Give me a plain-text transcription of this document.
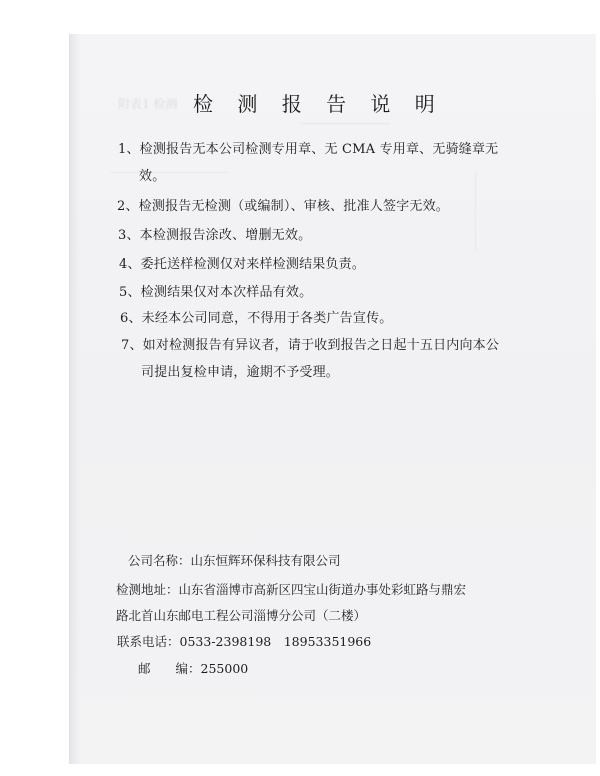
附表1 检测 检 测 报 告 说 明
1、检测报告无本公司检测专用章、无 CMA 专用章、无骑缝章无
效。
2、检测报告无检测（或编制）、审核、批准人签字无效。
3、本检测报告涂改、增删无效。
4、委托送样检测仅对来样检测结果负责。
5、检测结果仅对本次样品有效。
6、未经本公司同意，不得用于各类广告宣传。
7、如对检测报告有异议者，请于收到报告之日起十五日内向本公
司提出复检申请，逾期不予受理。
公司名称：山东恒辉环保科技有限公司
检测地址：山东省淄博市高新区四宝山街道办事处彩虹路与鼎宏
路北首山东邮电工程公司淄博分公司（二楼）
联系电话：0533-2398198　18953351966
邮　　编：255000
